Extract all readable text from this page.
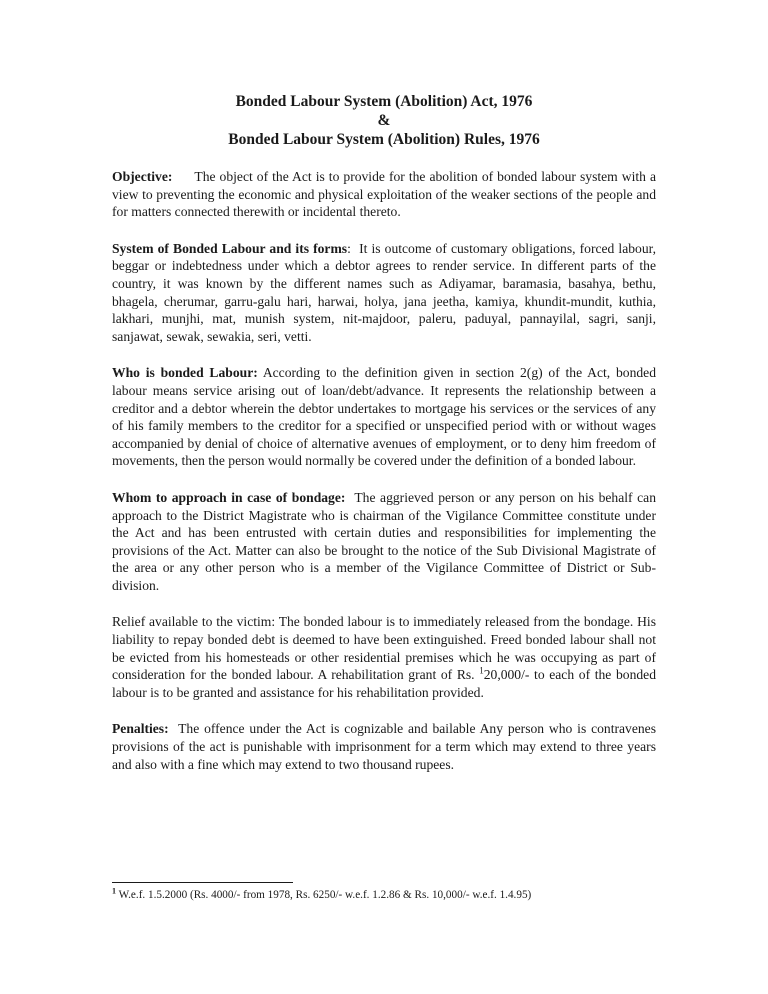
Bonded Labour System (Abolition) Act, 1976

&

Bonded Labour System (Abolition) Rules, 1976

Objective: The object of the Act is to provide for the abolition of bonded labour system with a view to preventing the economic and physical exploitation of the weaker sections of the people and for matters connected therewith or incidental thereto.

System of Bonded Labour and its forms: It is outcome of customary obligations, forced labour, beggar or indebtedness under which a debtor agrees to render service. In different parts of the country, it was known by the different names such as Adiyamar, baramasia, basahya, bethu, bhagela, cherumar, garru-galu hari, harwai, holya, jana jeetha, kamiya, khundit-mundit, kuthia, lakhari, munjhi, mat, munish system, nit-majdoor, paleru, paduyal, pannayilal, sagri, sanji, sanjawat, sewak, sewakia, seri, vetti.

Who is bonded Labour: According to the definition given in section 2(g) of the Act, bonded labour means service arising out of loan/debt/advance. It represents the relationship between a creditor and a debtor wherein the debtor undertakes to mortgage his services or the services of any of his family members to the creditor for a specified or unspecified period with or without wages accompanied by denial of choice of alternative avenues of employment, or to deny him freedom of movements, then the person would normally be covered under the definition of a bonded labour.

Whom to approach in case of bondage: The aggrieved person or any person on his behalf can approach to the District Magistrate who is chairman of the Vigilance Committee constitute under the Act and has been entrusted with certain duties and responsibilities for implementing the provisions of the Act. Matter can also be brought to the notice of the Sub Divisional Magistrate of the area or any other person who is a member of the Vigilance Committee of District or Sub-division.

Relief available to the victim: The bonded labour is to immediately released from the bondage. His liability to repay bonded debt is deemed to have been extinguished. Freed bonded labour shall not be evicted from his homesteads or other residential premises which he was occupying as part of consideration for the bonded labour. A rehabilitation grant of Rs. $^1$20,000/- to each of the bonded labour is to be granted and assistance for his rehabilitation provided.

Penalties: The offence under the Act is cognizable and bailable Any person who is contravenes provisions of the act is punishable with imprisonment for a term which may extend to three years and also with a fine which may extend to two thousand rupees.

$^1$ W.e.f. 1.5.2000 (Rs. 4000/- from 1978, Rs. 6250/- w.e.f. 1.2.86 & Rs. 10,000/- w.e.f. 1.4.95)
